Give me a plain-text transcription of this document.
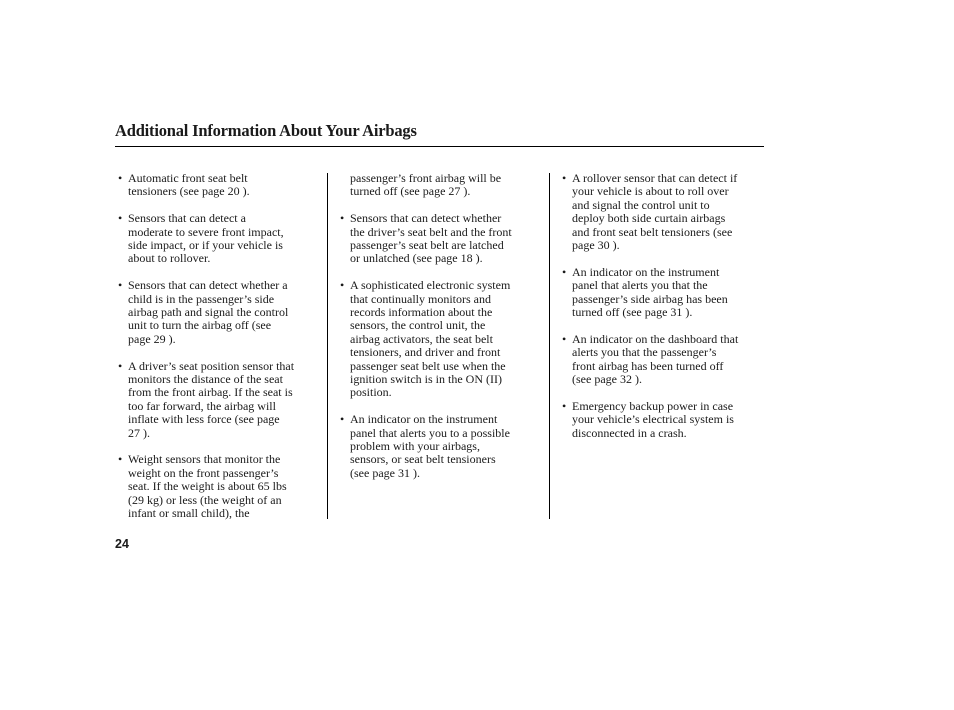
Additional Information About Your Airbags

• Automatic front seat belt
tensioners (see page 20 ).

• Sensors that can detect a
moderate to severe front impact,
side impact, or if your vehicle is
about to rollover.

• Sensors that can detect whether a
child is in the passenger’s side
airbag path and signal the control
unit to turn the airbag off (see
page 29 ).

• A driver’s seat position sensor that
monitors the distance of the seat
from the front airbag. If the seat is
too far forward, the airbag will
inflate with less force (see page
27 ).

• Weight sensors that monitor the
weight on the front passenger’s
seat. If the weight is about 65 lbs
(29 kg) or less (the weight of an
infant or small child), the

passenger’s front airbag will be
turned off (see page 27 ).

• Sensors that can detect whether
the driver’s seat belt and the front
passenger’s seat belt are latched
or unlatched (see page 18 ).

• A sophisticated electronic system
that continually monitors and
records information about the
sensors, the control unit, the
airbag activators, the seat belt
tensioners, and driver and front
passenger seat belt use when the
ignition switch is in the ON (II)
position.

• An indicator on the instrument
panel that alerts you to a possible
problem with your airbags,
sensors, or seat belt tensioners
(see page 31 ).

• A rollover sensor that can detect if
your vehicle is about to roll over
and signal the control unit to
deploy both side curtain airbags
and front seat belt tensioners (see
page 30 ).

• An indicator on the instrument
panel that alerts you that the
passenger’s side airbag has been
turned off (see page 31 ).

• An indicator on the dashboard that
alerts you that the passenger’s
front airbag has been turned off
(see page 32 ).

• Emergency backup power in case
your vehicle’s electrical system is
disconnected in a crash.

24
